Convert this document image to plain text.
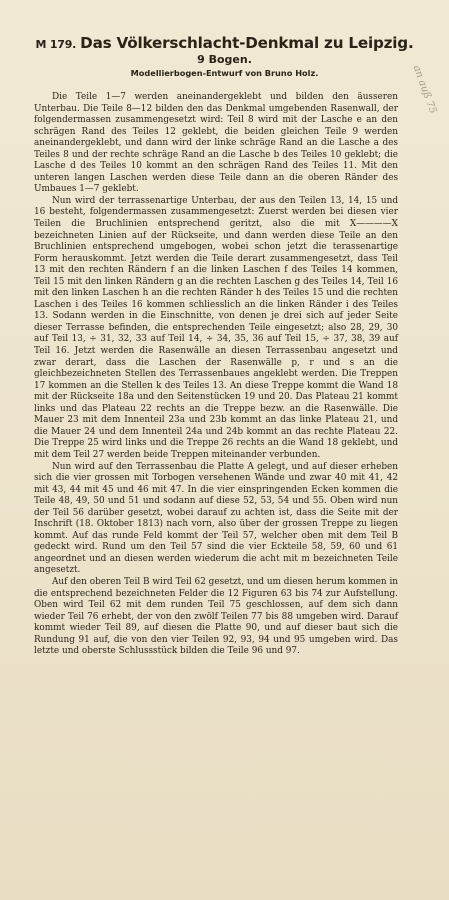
M 179. Das Völkerschlacht-Denkmal zu Leipzig.
9 Bogen.
Modellierbogen-Entwurf von Bruno Holz.	an auß 75

Die Teile 1—7 werden aneinandergeklebt und bilden den äusseren Unterbau. Die Teile 8—12 bilden den das Denkmal umgebenden Rasenwall, der folgendermassen zusammengesetzt wird: Teil 8 wird mit der Lasche e an den schrägen Rand des Teiles 12 geklebt, die beiden gleichen Teile 9 werden aneinandergeklebt, und dann wird der linke schräge Rand an die Lasche a des Teiles 8 und der rechte schräge Rand an die Lasche b des Teiles 10 geklebt; die Lasche d des Teiles 10 kommt an den schrägen Rand des Teiles 11. Mit den unteren langen Laschen werden diese Teile dann an die oberen Ränder des Umbaues 1—7 geklebt.

Nun wird der terrassenartige Unterbau, der aus den Teilen 13, 14, 15 und 16 besteht, folgendermassen zusammengesetzt: Zuerst werden bei diesen vier Teilen die Bruchlinien entsprechend geritzt, also die mit X————X bezeichneten Linien auf der Rückseite, und dann werden diese Teile an den Bruchlinien entsprechend umgebogen, wobei schon jetzt die terassenartige Form herauskommt. Jetzt werden die Teile derart zusammengesetzt, dass Teil 13 mit den rechten Rändern f an die linken Laschen f des Teiles 14 kommen, Teil 15 mit den linken Rändern g an die rechten Laschen g des Teiles 14, Teil 16 mit den linken Laschen h an die rechten Ränder h des Teiles 15 und die rechten Laschen i des Teiles 16 kommen schliesslich an die linken Ränder i des Teiles 13. Sodann werden in die Einschnitte, von denen je drei sich auf jeder Seite dieser Terrasse befinden, die entsprechenden Teile eingesetzt; also 28, 29, 30 auf Teil 13, ÷ 31, 32, 33 auf Teil 14, ÷ 34, 35, 36 auf Teil 15, ÷ 37, 38, 39 auf Teil 16. Jetzt werden die Rasenwälle an diesen Terrassenbau angesetzt und zwar derart, dass die Laschen der Rasenwälle p, r und s an die gleichbezeichneten Stellen des Terrassenbaues angeklebt werden. Die Treppen 17 kommen an die Stellen k des Teiles 13. An diese Treppe kommt die Wand 18 mit der Rückseite 18a und den Seitenstücken 19 und 20. Das Plateau 21 kommt links und das Plateau 22 rechts an die Treppe bezw. an die Rasenwälle. Die Mauer 23 mit dem Innenteil 23a und 23b kommt an das linke Plateau 21, und die Mauer 24 und dem Innenteil 24a und 24b kommt an das rechte Plateau 22. Die Treppe 25 wird links und die Treppe 26 rechts an die Wand 18 geklebt, und mit dem Teil 27 werden beide Treppen miteinander verbunden.

Nun wird auf den Terrassenbau die Platte A gelegt, und auf dieser erheben sich die vier grossen mit Torbogen versehenen Wände und zwar 40 mit 41, 42 mit 43, 44 mit 45 und 46 mit 47. In die vier einspringenden Ecken kommen die Teile 48, 49, 50 und 51 und sodann auf diese 52, 53, 54 und 55. Oben wird nun der Teil 56 darüber gesetzt, wobei darauf zu achten ist, dass die Seite mit der Inschrift (18. Oktober 1813) nach vorn, also über der grossen Treppe zu liegen kommt. Auf das runde Feld kommt der Teil 57, welcher oben mit dem Teil B gedeckt wird. Rund um den Teil 57 sind die vier Eckteile 58, 59, 60 und 61 angeordnet und an diesen werden wiederum die acht mit m bezeichneten Teile angesetzt.

Auf den oberen Teil B wird Teil 62 gesetzt, und um diesen herum kommen in die entsprechend bezeichneten Felder die 12 Figuren 63 bis 74 zur Aufstellung. Oben wird Teil 62 mit dem runden Teil 75 geschlossen, auf dem sich dann wieder Teil 76 erhebt, der von den zwölf Teilen 77 bis 88 umgeben wird. Darauf kommt wieder Teil 89, auf diesen die Platte 90, und auf dieser baut sich die Rundung 91 auf, die von den vier Teilen 92, 93, 94 und 95 umgeben wird. Das letzte und oberste Schlussstück bilden die Teile 96 und 97.
